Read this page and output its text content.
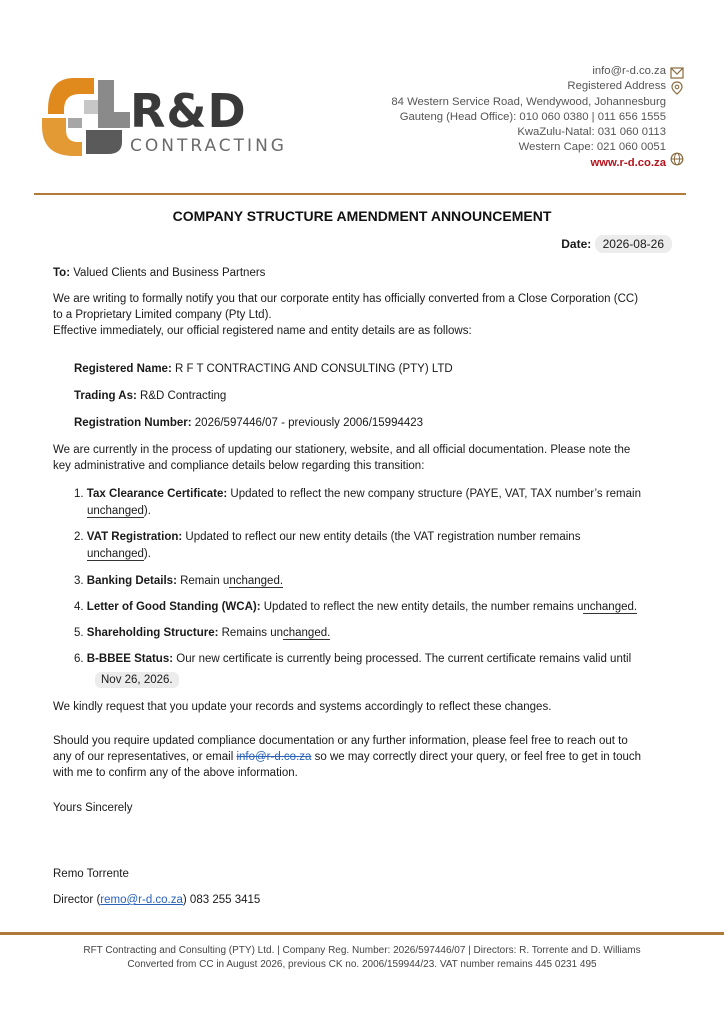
R&D
CONTRACTING
info@r-d.co.za
Registered Address
84 Western Service Road, Wendywood, Johannesburg
Gauteng (Head Office): 010 060 0380 | 011 656 1555
KwaZulu-Natal: 031 060 0113
Western Cape: 021 060 0051
www.r-d.co.za
COMPANY STRUCTURE AMENDMENT ANNOUNCEMENT
Date: 2026-08-26
To: Valued Clients and Business Partners
We are writing to formally notify you that our corporate entity has officially converted from a Close Corporation (CC)
to a Proprietary Limited company (Pty Ltd).
Effective immediately, our official registered name and entity details are as follows:
Registered Name: R F T CONTRACTING AND CONSULTING (PTY) LTD
Trading As: R&D Contracting
Registration Number: 2026/597446/07 - previously 2006/15994423
We are currently in the process of updating our stationery, website, and all official documentation. Please note the
key administrative and compliance details below regarding this transition:
1. Tax Clearance Certificate: Updated to reflect the new company structure (PAYE, VAT, TAX number’s remain
unchanged).
2. VAT Registration: Updated to reflect our new entity details (the VAT registration number remains
unchanged).
3. Banking Details: Remain unchanged.
4. Letter of Good Standing (WCA): Updated to reflect the new entity details, the number remains unchanged.
5. Shareholding Structure: Remains unchanged.
6. B-BBEE Status: Our new certificate is currently being processed. The current certificate remains valid until
Nov 26, 2026.
We kindly request that you update your records and systems accordingly to reflect these changes.
Should you require updated compliance documentation or any further information, please feel free to reach out to
any of our representatives, or email info@r-d.co.za so we may correctly direct your query, or feel free to get in touch
with me to confirm any of the above information.
Yours Sincerely
Remo Torrente
Director (remo@r-d.co.za) 083 255 3415
RFT Contracting and Consulting (PTY) Ltd. | Company Reg. Number: 2026/597446/07 | Directors: R. Torrente and D. Williams
Converted from CC in August 2026, previous CK no. 2006/159944/23. VAT number remains 445 0231 495
